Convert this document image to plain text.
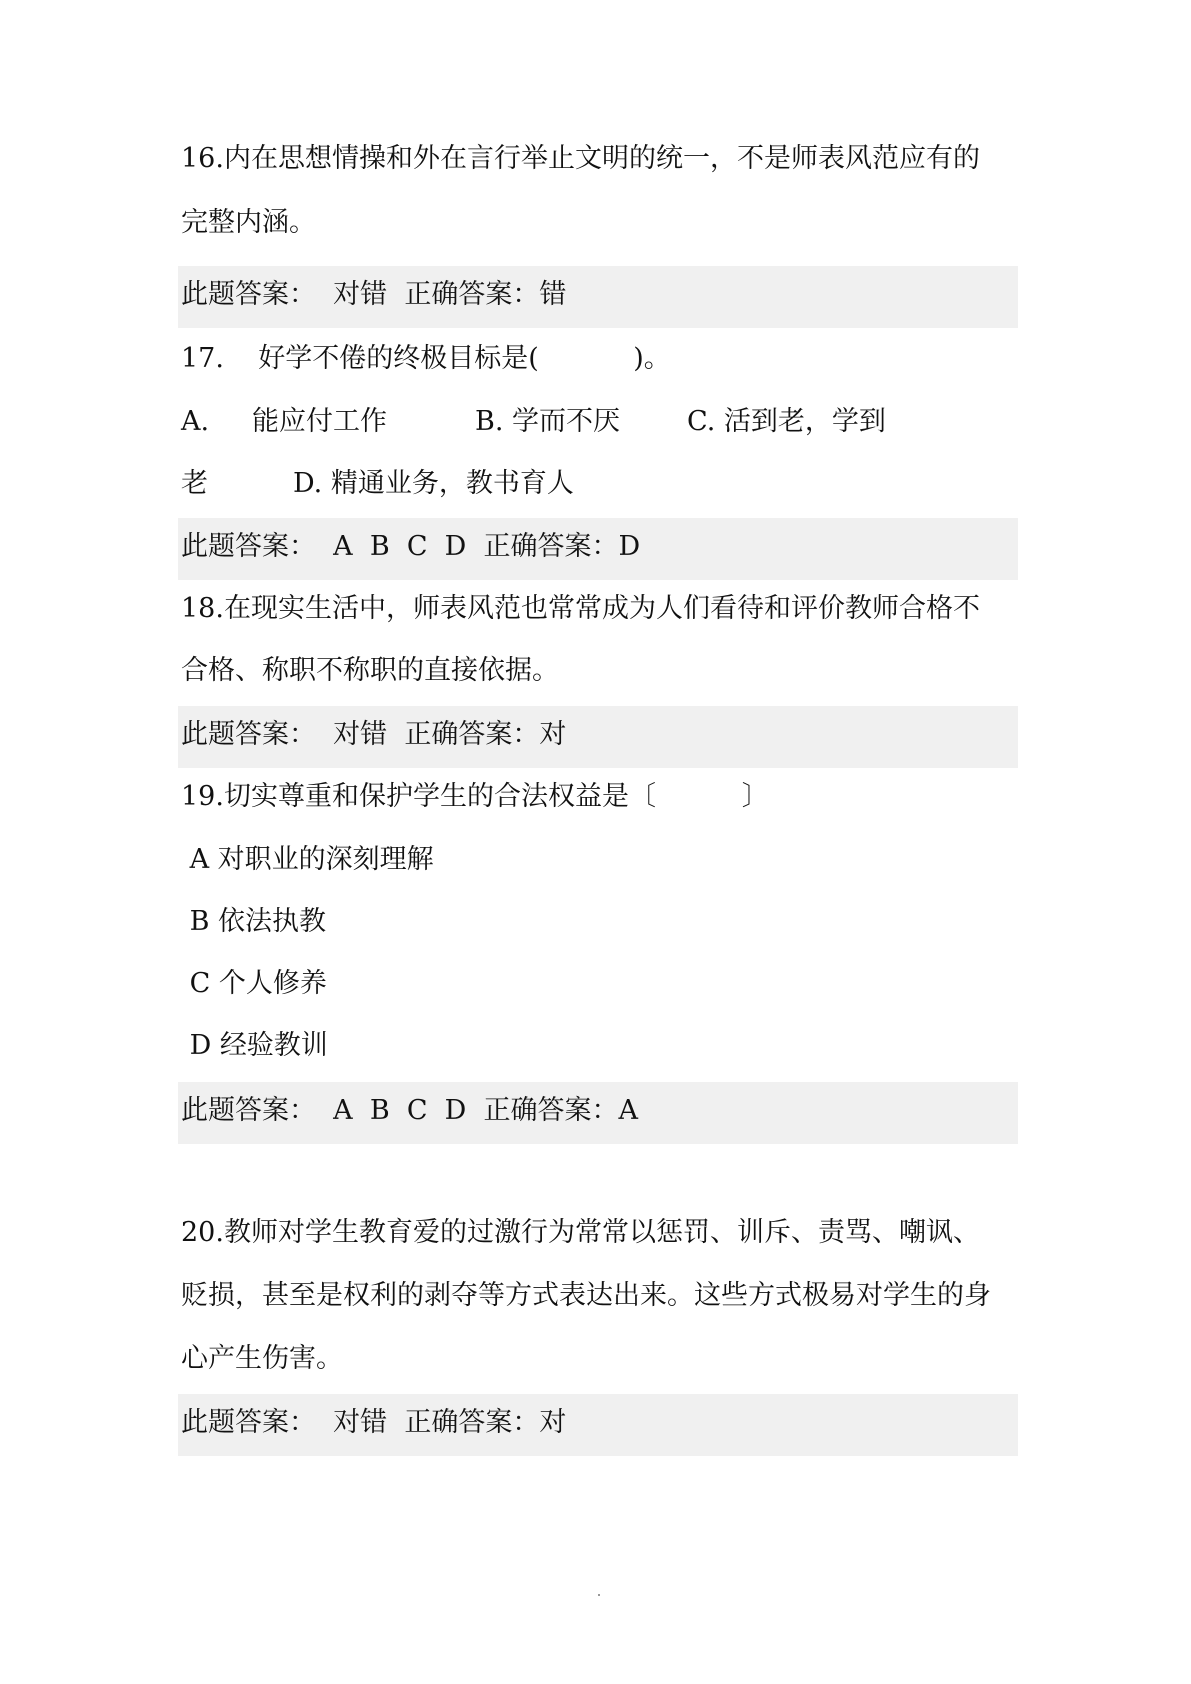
16.内在思想情操和外在言行举止文明的统一，不是师表风范应有的
完整内涵。
此题答案：  对错  正确答案：错
17.    好学不倦的终极目标是(           )。
A.     能应付工作	B. 学而不厌 C. 活到老，学到
老	D. 精通业务，教书育人
此题答案：  A  B  C  D  正确答案：D
18.在现实生活中，师表风范也常常成为人们看待和评价教师合格不
合格、称职不称职的直接依据。
此题答案：  对错  正确答案：对
19.切实尊重和保护学生的合法权益是〔          〕
A 对职业的深刻理解
B 依法执教
C 个人修养
D 经验教训
此题答案：  A  B  C  D  正确答案：A
20.教师对学生教育爱的过激行为常常以惩罚、训斥、责骂、嘲讽、
贬损，甚至是权利的剥夺等方式表达出来。这些方式极易对学生的身
心产生伤害。
此题答案：  对错  正确答案：对
